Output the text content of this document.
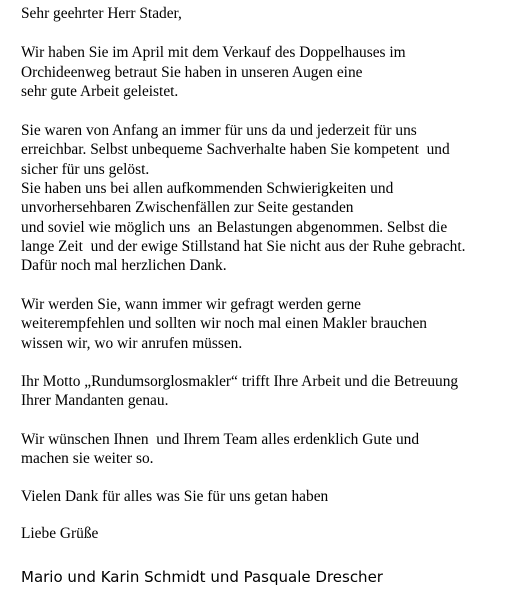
Sehr geehrter Herr Stader,
Wir haben Sie im April mit dem Verkauf des Doppelhauses im
Orchideenweg betraut Sie haben in unseren Augen eine
sehr gute Arbeit geleistet.
Sie waren von Anfang an immer für uns da und jederzeit für uns
erreichbar. Selbst unbequeme Sachverhalte haben Sie kompetent  und
sicher für uns gelöst.
Sie haben uns bei allen aufkommenden Schwierigkeiten und
unvorhersehbaren Zwischenfällen zur Seite gestanden
und soviel wie möglich uns  an Belastungen abgenommen. Selbst die
lange Zeit  und der ewige Stillstand hat Sie nicht aus der Ruhe gebracht.
Dafür noch mal herzlichen Dank.
Wir werden Sie, wann immer wir gefragt werden gerne
weiterempfehlen und sollten wir noch mal einen Makler brauchen
wissen wir, wo wir anrufen müssen.
Ihr Motto „Rundumsorglosmakler“ trifft Ihre Arbeit und die Betreuung
Ihrer Mandanten genau.
Wir wünschen Ihnen  und Ihrem Team alles erdenklich Gute und
machen sie weiter so.
Vielen Dank für alles was Sie für uns getan haben
Liebe Grüße
Mario und Karin Schmidt und Pasquale Drescher
